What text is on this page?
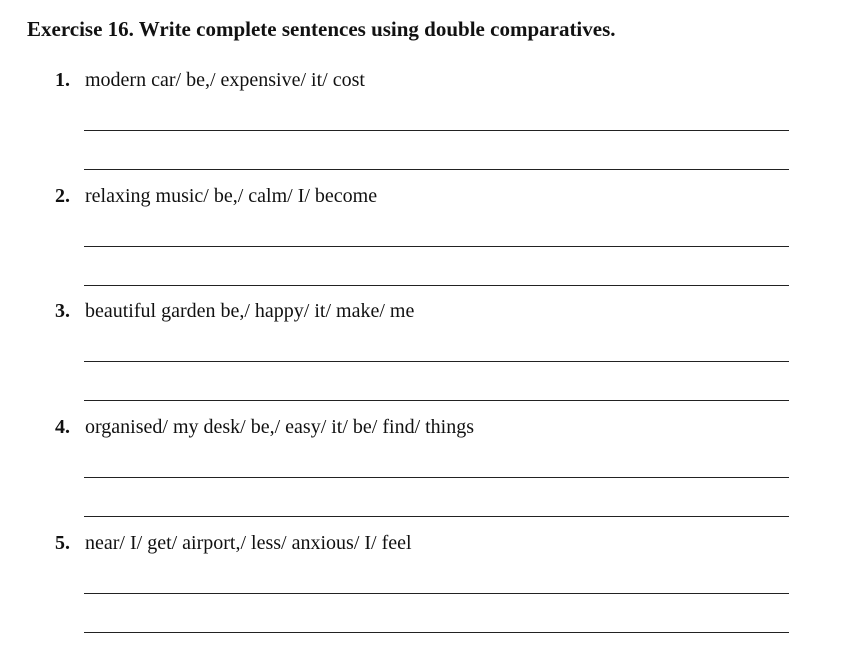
Exercise 16. Write complete sentences using double comparatives.
1. modern car/ be,/ expensive/ it/ cost
2. relaxing music/ be,/ calm/ I/ become
3. beautiful garden be,/ happy/ it/ make/ me
4. organised/ my desk/ be,/ easy/ it/ be/ find/ things
5. near/ I/ get/ airport,/ less/ anxious/ I/ feel
